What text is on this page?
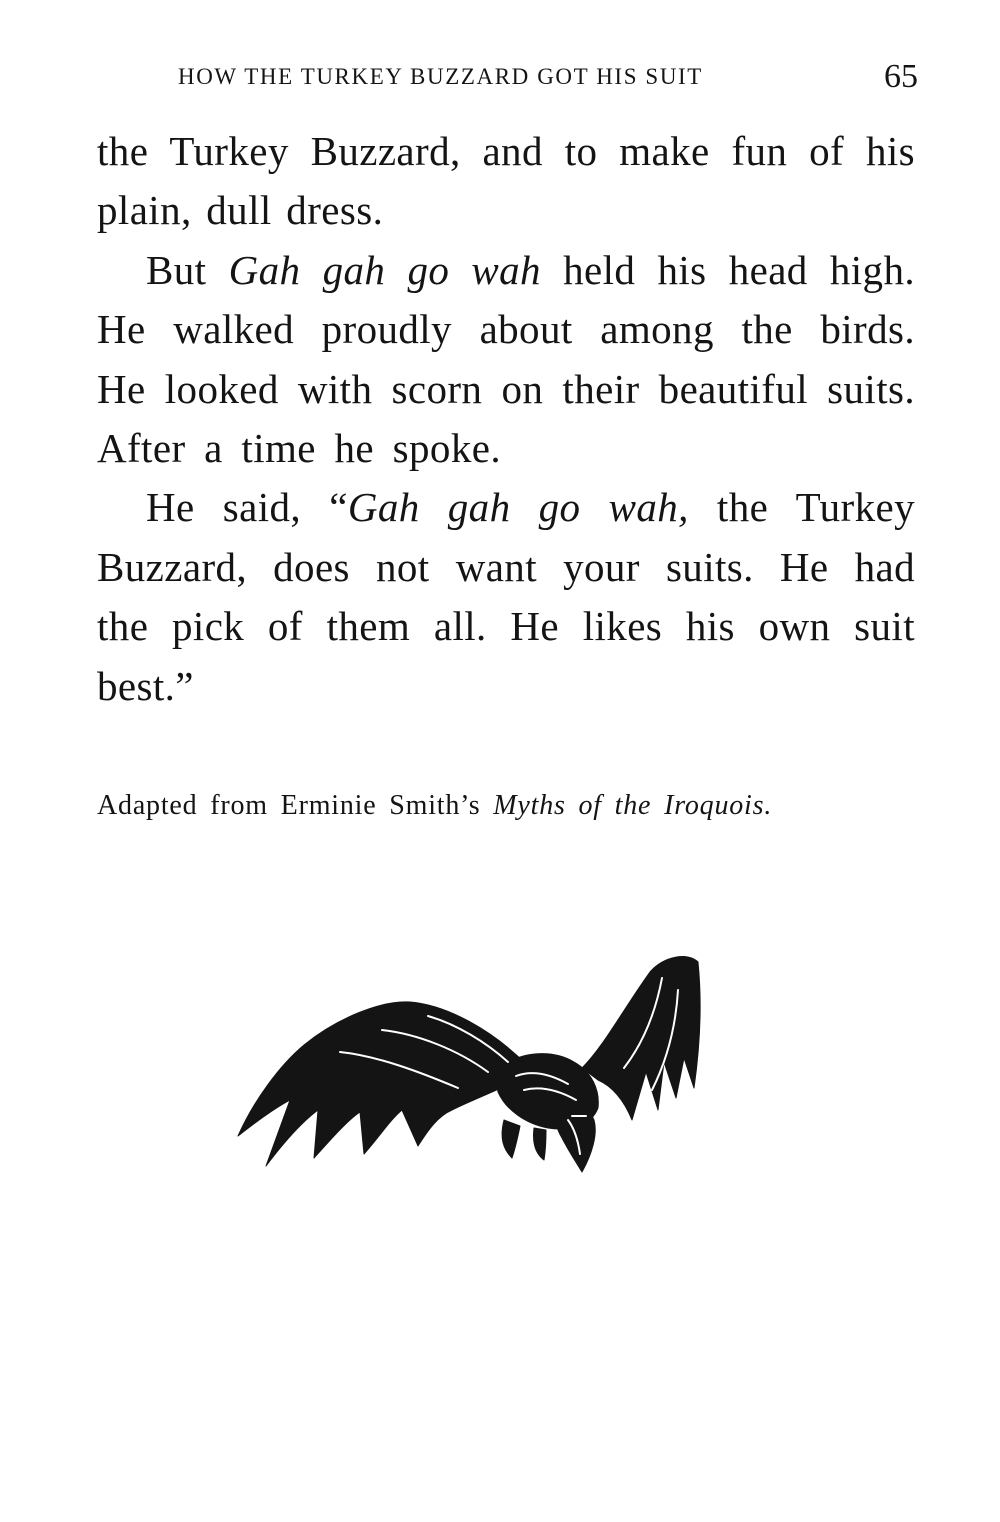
HOW THE TURKEY BUZZARD GOT HIS SUIT	65

the Turkey Buzzard, and to make fun of his plain, dull dress.

But Gah gah go wah held his head high. He walked proudly about among the birds. He looked with scorn on their beautiful suits. After a time he spoke.

He said, “Gah gah go wah, the Turkey Buzzard, does not want your suits. He had the pick of them all. He likes his own suit best.”

Adapted from Erminie Smith’s Myths of the Iroquois.
